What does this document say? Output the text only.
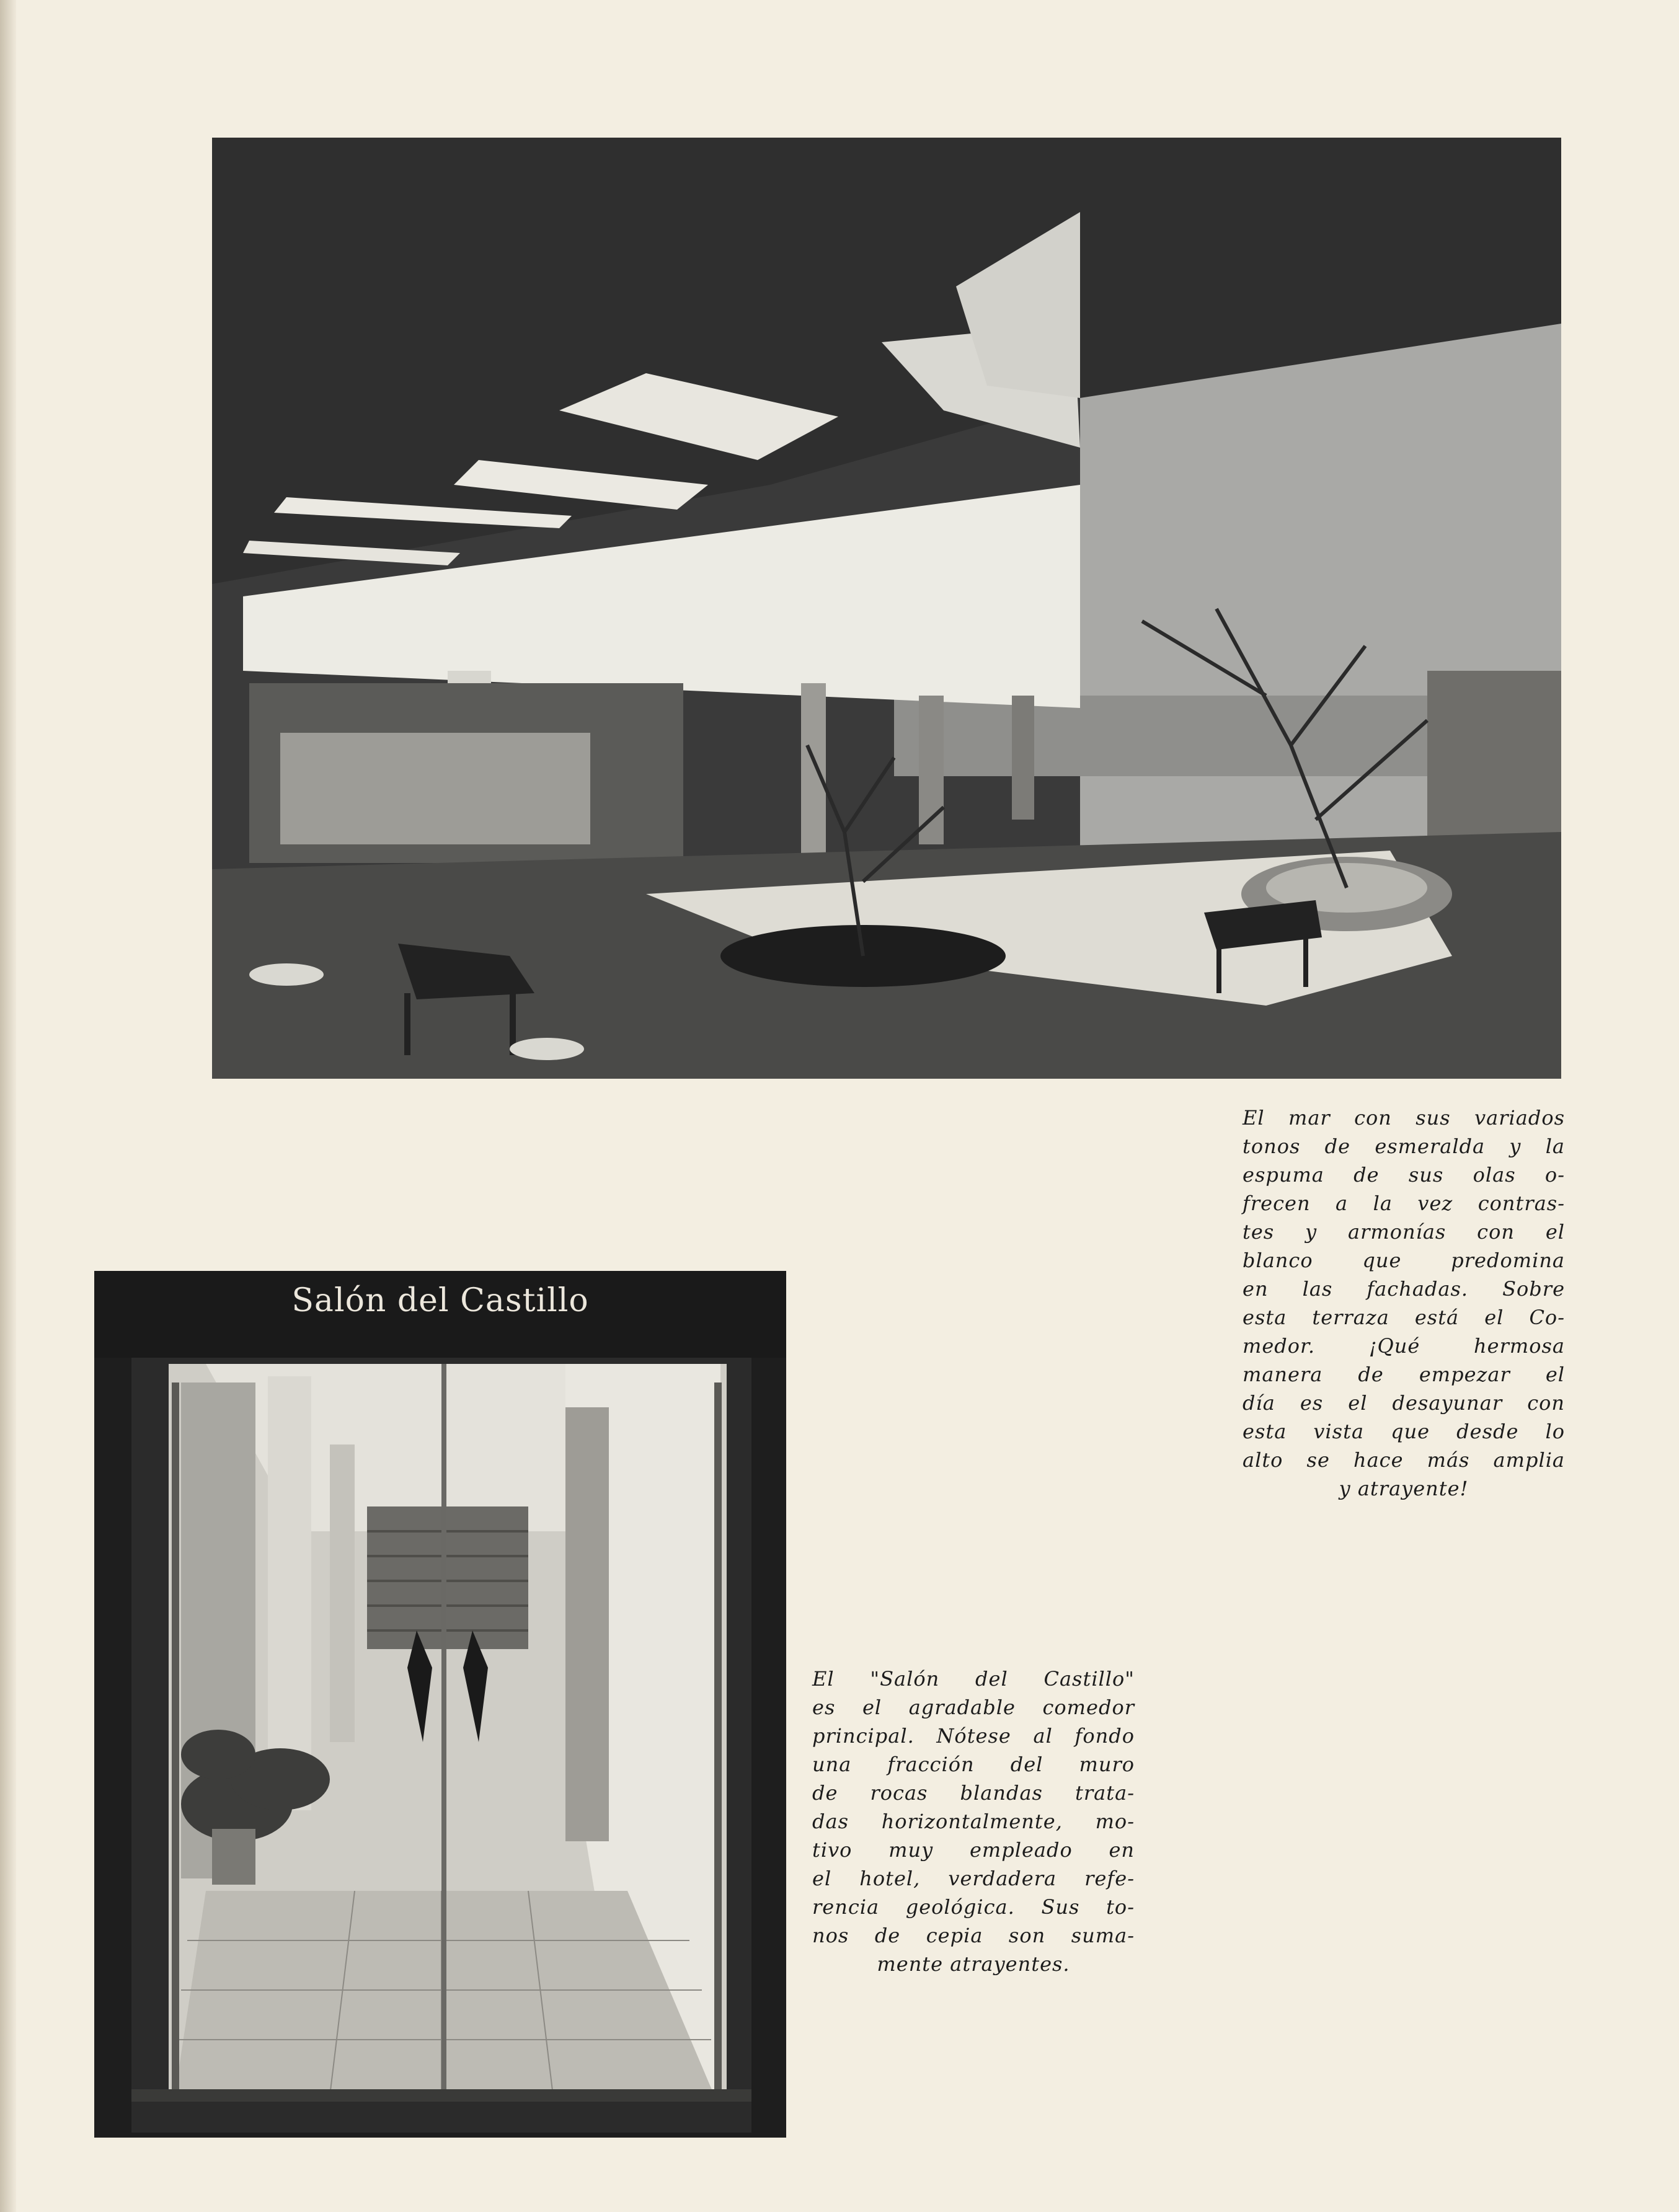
El mar con sus variados
tonos de esmeralda y la
espuma de sus olas o-
frecen a la vez contras-
tes y armonías con el
blanco que predomina
en las fachadas. Sobre
esta terraza está el Co-
medor. ¡Qué hermosa
manera de empezar el
día es el desayunar con
esta vista que desde lo
alto se hace más amplia
y atrayente!

Salón del Castillo

El "Salón del Castillo"
es el agradable comedor
principal. Nótese al fondo
una fracción del muro
de rocas blandas trata-
das horizontalmente, mo-
tivo muy empleado en
el hotel, verdadera refe-
rencia geológica. Sus to-
nos de cepia son suma-
mente atrayentes.
